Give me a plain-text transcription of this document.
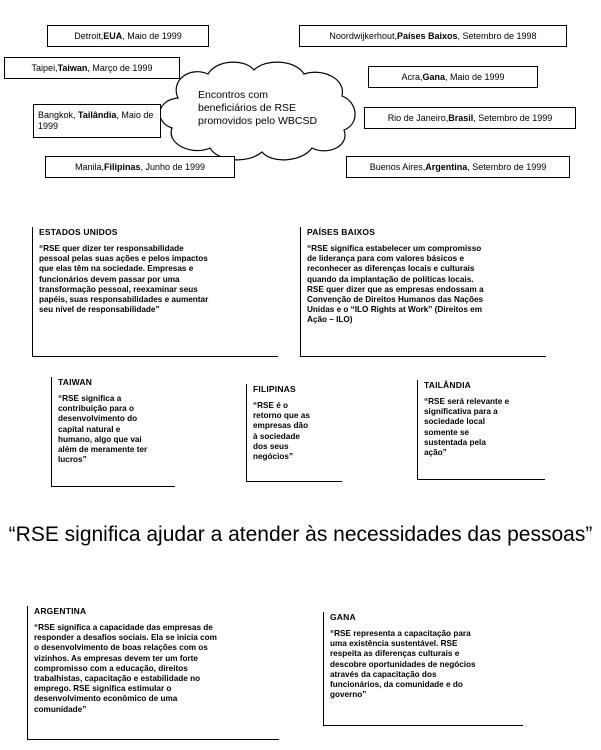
Encontros com beneficiários de RSE promovidos pelo WBCSD
Detroit, EUA , Maio de 1999	Noordwijkerhout, Países Baixos , Setembro de 1998
Taipei, Taiwan , Março de 1999
Acra, Gana , Maio de 1999
Bangkok, Tailândia, Maio de 1999
Rio de Janeiro, Brasil , Setembro de 1999
Manila, Filipinas , Junho de 1999	Buenos Aires, Argentina , Setembro de 1999
ESTADOS UNIDOS
“RSE quer dizer ter responsabilidade
pessoal pelas suas ações e pelos impactos
que elas têm na sociedade. Empresas e
funcionários devem passar por uma
transformação pessoal, reexaminar seus
papéis, suas responsabilidades e aumentar
seu nível de responsabilidade”
PAÍSES BAIXOS
“RSE significa estabelecer um compromisso
de liderança para com valores básicos e
reconhecer as diferenças locais e culturais
quando da implantação de políticas locais.
RSE quer dizer que as empresas endossam a
Convenção de Direitos Humanos das Nações
Unidas e o “ILO Rights at Work” (Direitos em
Ação – ILO)
TAIWAN
“RSE significa a
contribuição para o
desenvolvimento do
capital natural e
humano, algo que vai
além de meramente ter
lucros”
FILIPINAS
“RSE é o
retorno que as
empresas dão
à sociedade
dos seus
negócios”
TAILÂNDIA
“RSE será relevante e
significativa para a
sociedade local
somente se
sustentada pela
ação”
“RSE significa ajudar a atender às necessidades das pessoas”
ARGENTINA
“RSE significa a capacidade das empresas de
responder a desafios sociais. Ela se inicia com
o desenvolvimento de boas relações com os
vizinhos. As empresas devem ter um forte
compromisso com a educação, direitos
trabalhistas, capacitação e estabilidade no
emprego. RSE significa estimular o
desenvolvimento econômico de uma
comunidade”
GANA
“RSE representa a capacitação para
uma existência sustentável. RSE
respeita as diferenças culturais e
descobre oportunidades de negócios
através da capacitação dos
funcionários, da comunidade e do
governo”
